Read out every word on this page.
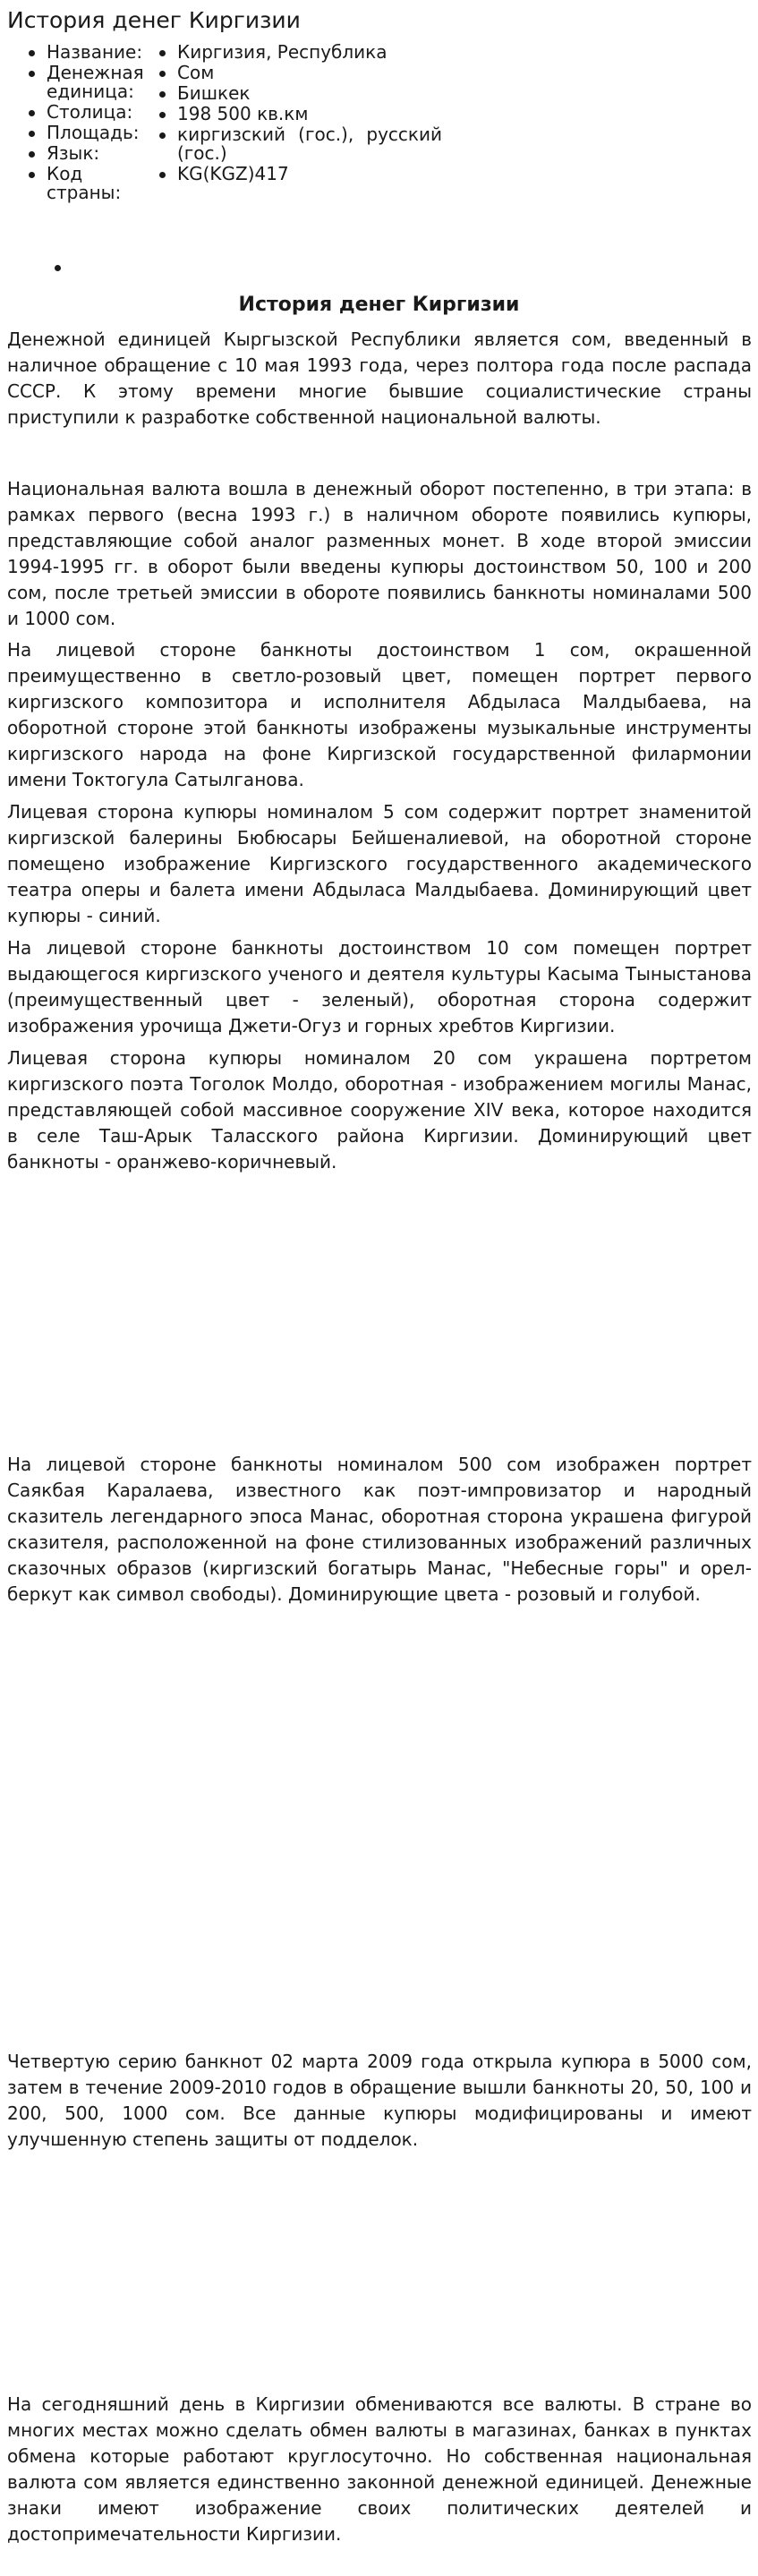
История денег Киргизии
Название:
Денежная единица:
Столица:
Площадь:
Язык:
Код страны:
Киргизия, Республика
Сом
Бишкек
198 500 кв.км
киргизский (гос.), русский
(гос.)
KG(KGZ)417
История денег Киргизии

Денежной единицей Кыргызской Республики является сом, введенный в наличное обращение с 10 мая 1993 года, через полтора года после распада СССР. К этому времени многие бывшие социалистические страны приступили к разработке собственной национальной валюты.

Национальная валюта вошла в денежный оборот постепенно, в три этапа: в рамках первого (весна 1993 г.) в наличном обороте появились купюры, представляющие собой аналог разменных монет. В ходе второй эмиссии 1994-1995 гг. в оборот были введены купюры достоинством 50, 100 и 200 сом, после третьей эмиссии в обороте появились банкноты номиналами 500 и 1000 сом.

На лицевой стороне банкноты достоинством 1 сом, окрашенной преимущественно в светло-розовый цвет, помещен портрет первого киргизского композитора и исполнителя Абдыласа Малдыбаева, на оборотной стороне этой банкноты изображены музыкальные инструменты киргизского народа на фоне Киргизской государственной филармонии имени Токтогула Сатылганова.

Лицевая сторона купюры номиналом 5 сом содержит портрет знаменитой киргизской балерины Бюбюсары Бейшеналиевой, на оборотной стороне помещено изображение Киргизского государственного академического театра оперы и балета имени Абдыласа Малдыбаева. Доминирующий цвет купюры - синий.

На лицевой стороне банкноты достоинством 10 сом помещен портрет выдающегося киргизского ученого и деятеля культуры Касыма Тыныстанова (преимущественный цвет - зеленый), оборотная сторона содержит изображения урочища Джети-Огуз и горных хребтов Киргизии.

Лицевая сторона купюры номиналом 20 сом украшена портретом киргизского поэта Тоголок Молдо, оборотная - изображением могилы Манас, представляющей собой массивное сооружение XIV века, которое находится в селе Таш-Арык Таласского района Киргизии. Доминирующий цвет банкноты - оранжево-коричневый.

На лицевой стороне банкноты номиналом 500 сом изображен портрет Саякбая Каралаева, известного как поэт-импровизатор и народный сказитель легендарного эпоса Манас, оборотная сторона украшена фигурой сказителя, расположенной на фоне стилизованных изображений различных сказочных образов (киргизский богатырь Манас, "Небесные горы" и орел-беркут как символ свободы). Доминирующие цвета - розовый и голубой.

Четвертую серию банкнот 02 марта 2009 года открыла купюра в 5000 сом, затем в течение 2009-2010 годов в обращение вышли банкноты 20, 50, 100 и 200, 500, 1000 сом. Все данные купюры модифицированы и имеют улучшенную степень защиты от подделок.

На сегодняшний день в Киргизии обмениваются все валюты. В стране во многих местах можно сделать обмен валюты в магазинах, банках в пунктах обмена которые работают круглосуточно. Но собственная национальная валюта сом является единственно законной денежной единицей. Денежные знаки имеют изображение своих политических деятелей и достопримечательности Киргизии.
